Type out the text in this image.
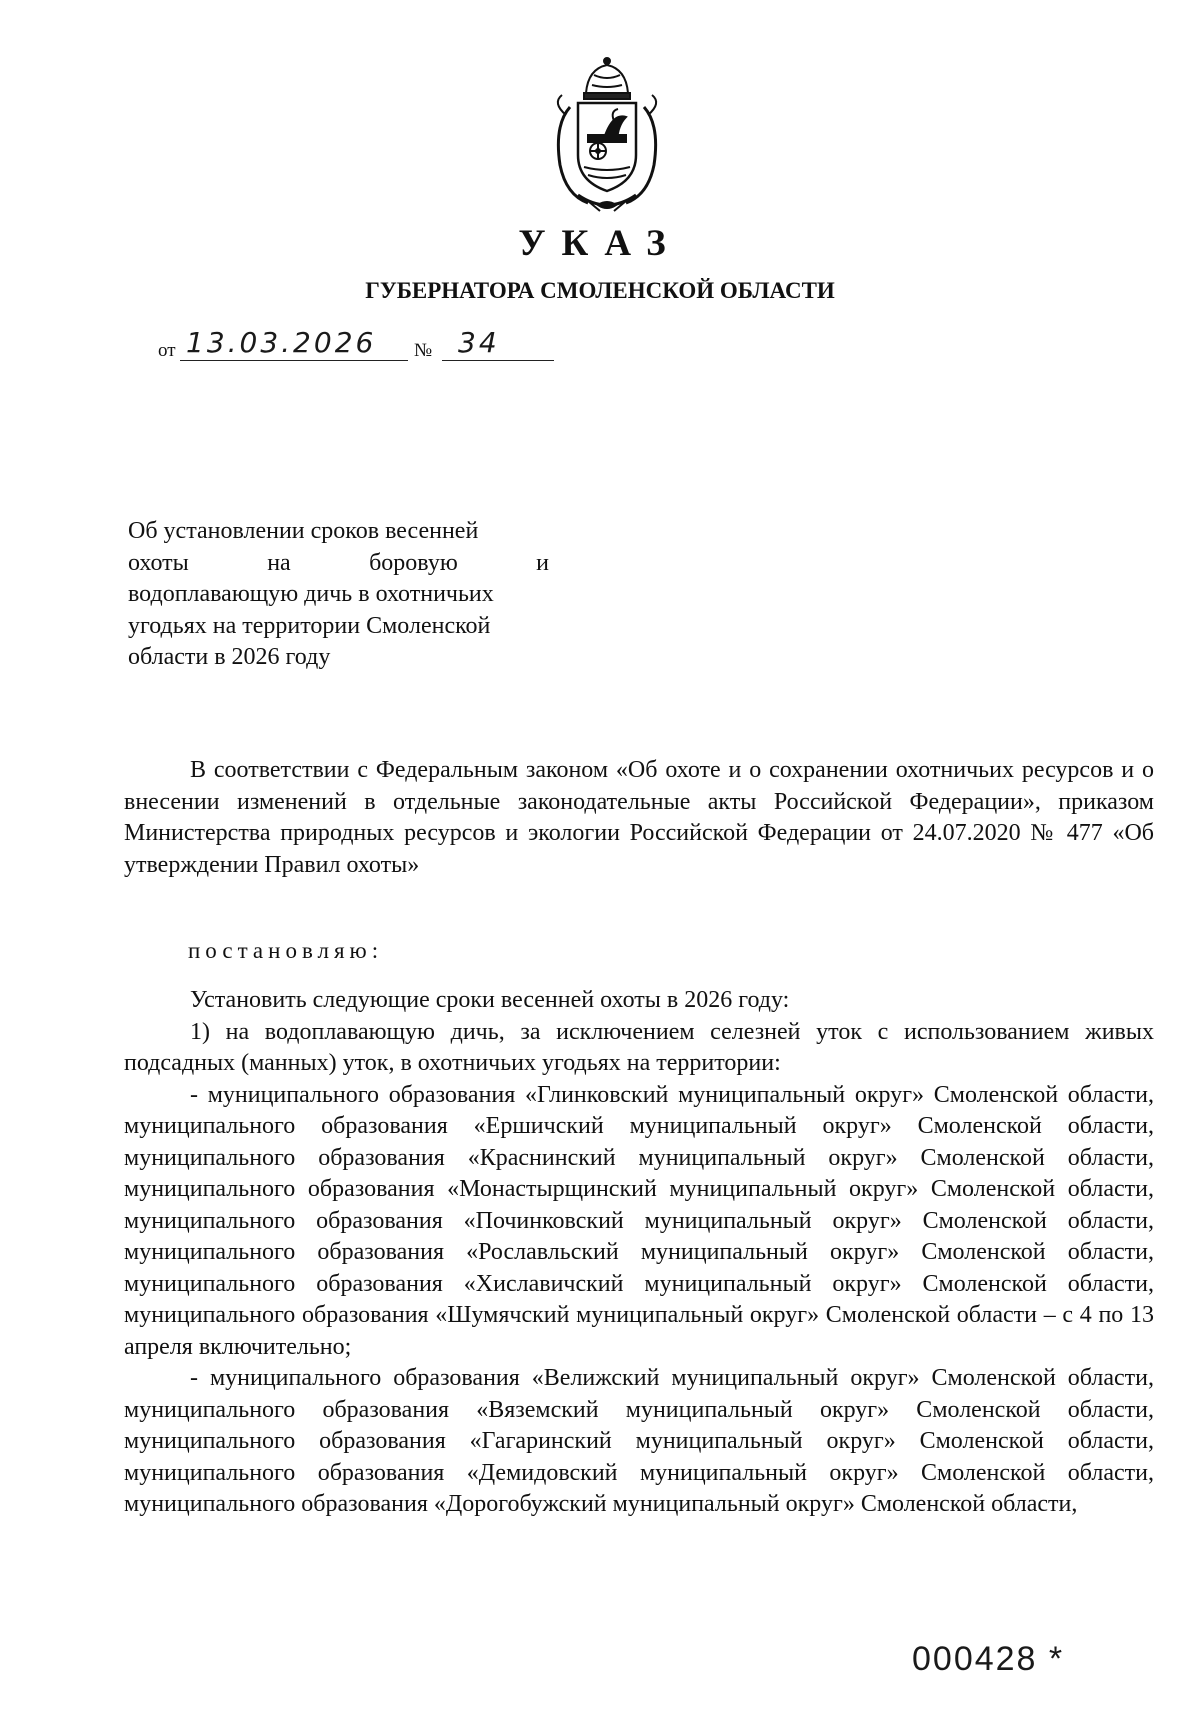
УКАЗ
ГУБЕРНАТОРА СМОЛЕНСКОЙ ОБЛАСТИ
от 13.03.2026 № 34
Об установлении сроков весенней
охоты на боровую и
водоплавающую дичь в охотничьих
угодьях на территории Смоленской
области в 2026 году

В соответствии с Федеральным законом «Об охоте и о сохранении охотничьих ресурсов и о внесении изменений в отдельные законодательные акты Российской Федерации», приказом Министерства природных ресурсов и экологии Российской Федерации от 24.07.2020 № 477 «Об утверждении Правил охоты»

постановляю:

Установить следующие сроки весенней охоты в 2026 году:

1) на водоплавающую дичь, за исключением селезней уток с использованием живых подсадных (манных) уток, в охотничьих угодьях на территории:

- муниципального образования «Глинковский муниципальный округ» Смоленской области, муниципального образования «Ершичский муниципальный округ» Смоленской области, муниципального образования «Краснинский муниципальный округ» Смоленской области, муниципального образования «Монастырщинский муниципальный округ» Смоленской области, муниципального образования «Починковский муниципальный округ» Смоленской области, муниципального образования «Рославльский муниципальный округ» Смоленской области, муниципального образования «Хиславичский муниципальный округ» Смоленской области, муниципального образования «Шумячский муниципальный округ» Смоленской области – с 4 по 13 апреля включительно;

- муниципального образования «Велижский муниципальный округ» Смоленской области, муниципального образования «Вяземский муниципальный округ» Смоленской области, муниципального образования «Гагаринский муниципальный округ» Смоленской области, муниципального образования «Демидовский муниципальный округ» Смоленской области, муниципального образования «Дорогобужский муниципальный округ» Смоленской области,

000428 *
